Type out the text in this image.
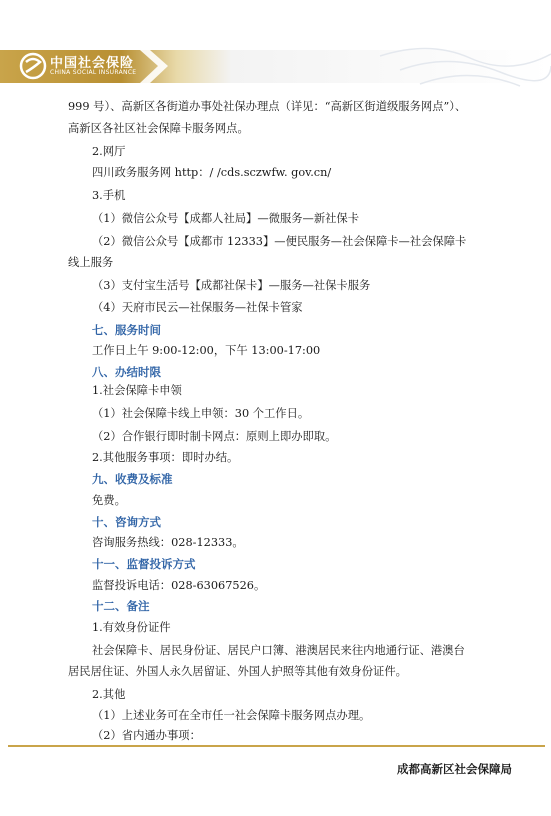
中国社会保险
CHINA SOCIAL INSURANCE
999 号）、高新区各街道办事处社保办理点（详见：“高新区街道级服务网点”）、
高新区各社区社会保障卡服务网点。
2.网厅
四川政务服务网 http：/ /cds.sczwfw. gov.cn/
3.手机
（1）微信公众号【成都人社局】—微服务—新社保卡
（2）微信公众号【成都市 12333】—便民服务—社会保障卡—社会保障卡
线上服务
（3）支付宝生活号【成都社保卡】—服务—社保卡服务
（4）天府市民云—社保服务—社保卡管家
七、服务时间
工作日上午 9:00-12:00，下午 13:00-17:00
八、办结时限
1.社会保障卡申领
（1）社会保障卡线上申领：30 个工作日。
（2）合作银行即时制卡网点：原则上即办即取。
2.其他服务事项：即时办结。
九、收费及标准
免费。
十、咨询方式
咨询服务热线：028-12333。
十一、监督投诉方式
监督投诉电话：028-63067526。
十二、备注
1.有效身份证件
社会保障卡、居民身份证、居民户口簿、港澳居民来往内地通行证、港澳台
居民居住证、外国人永久居留证、外国人护照等其他有效身份证件。
2.其他
（1）上述业务可在全市任一社会保障卡服务网点办理。
（2）省内通办事项：
成都高新区社会保障局
